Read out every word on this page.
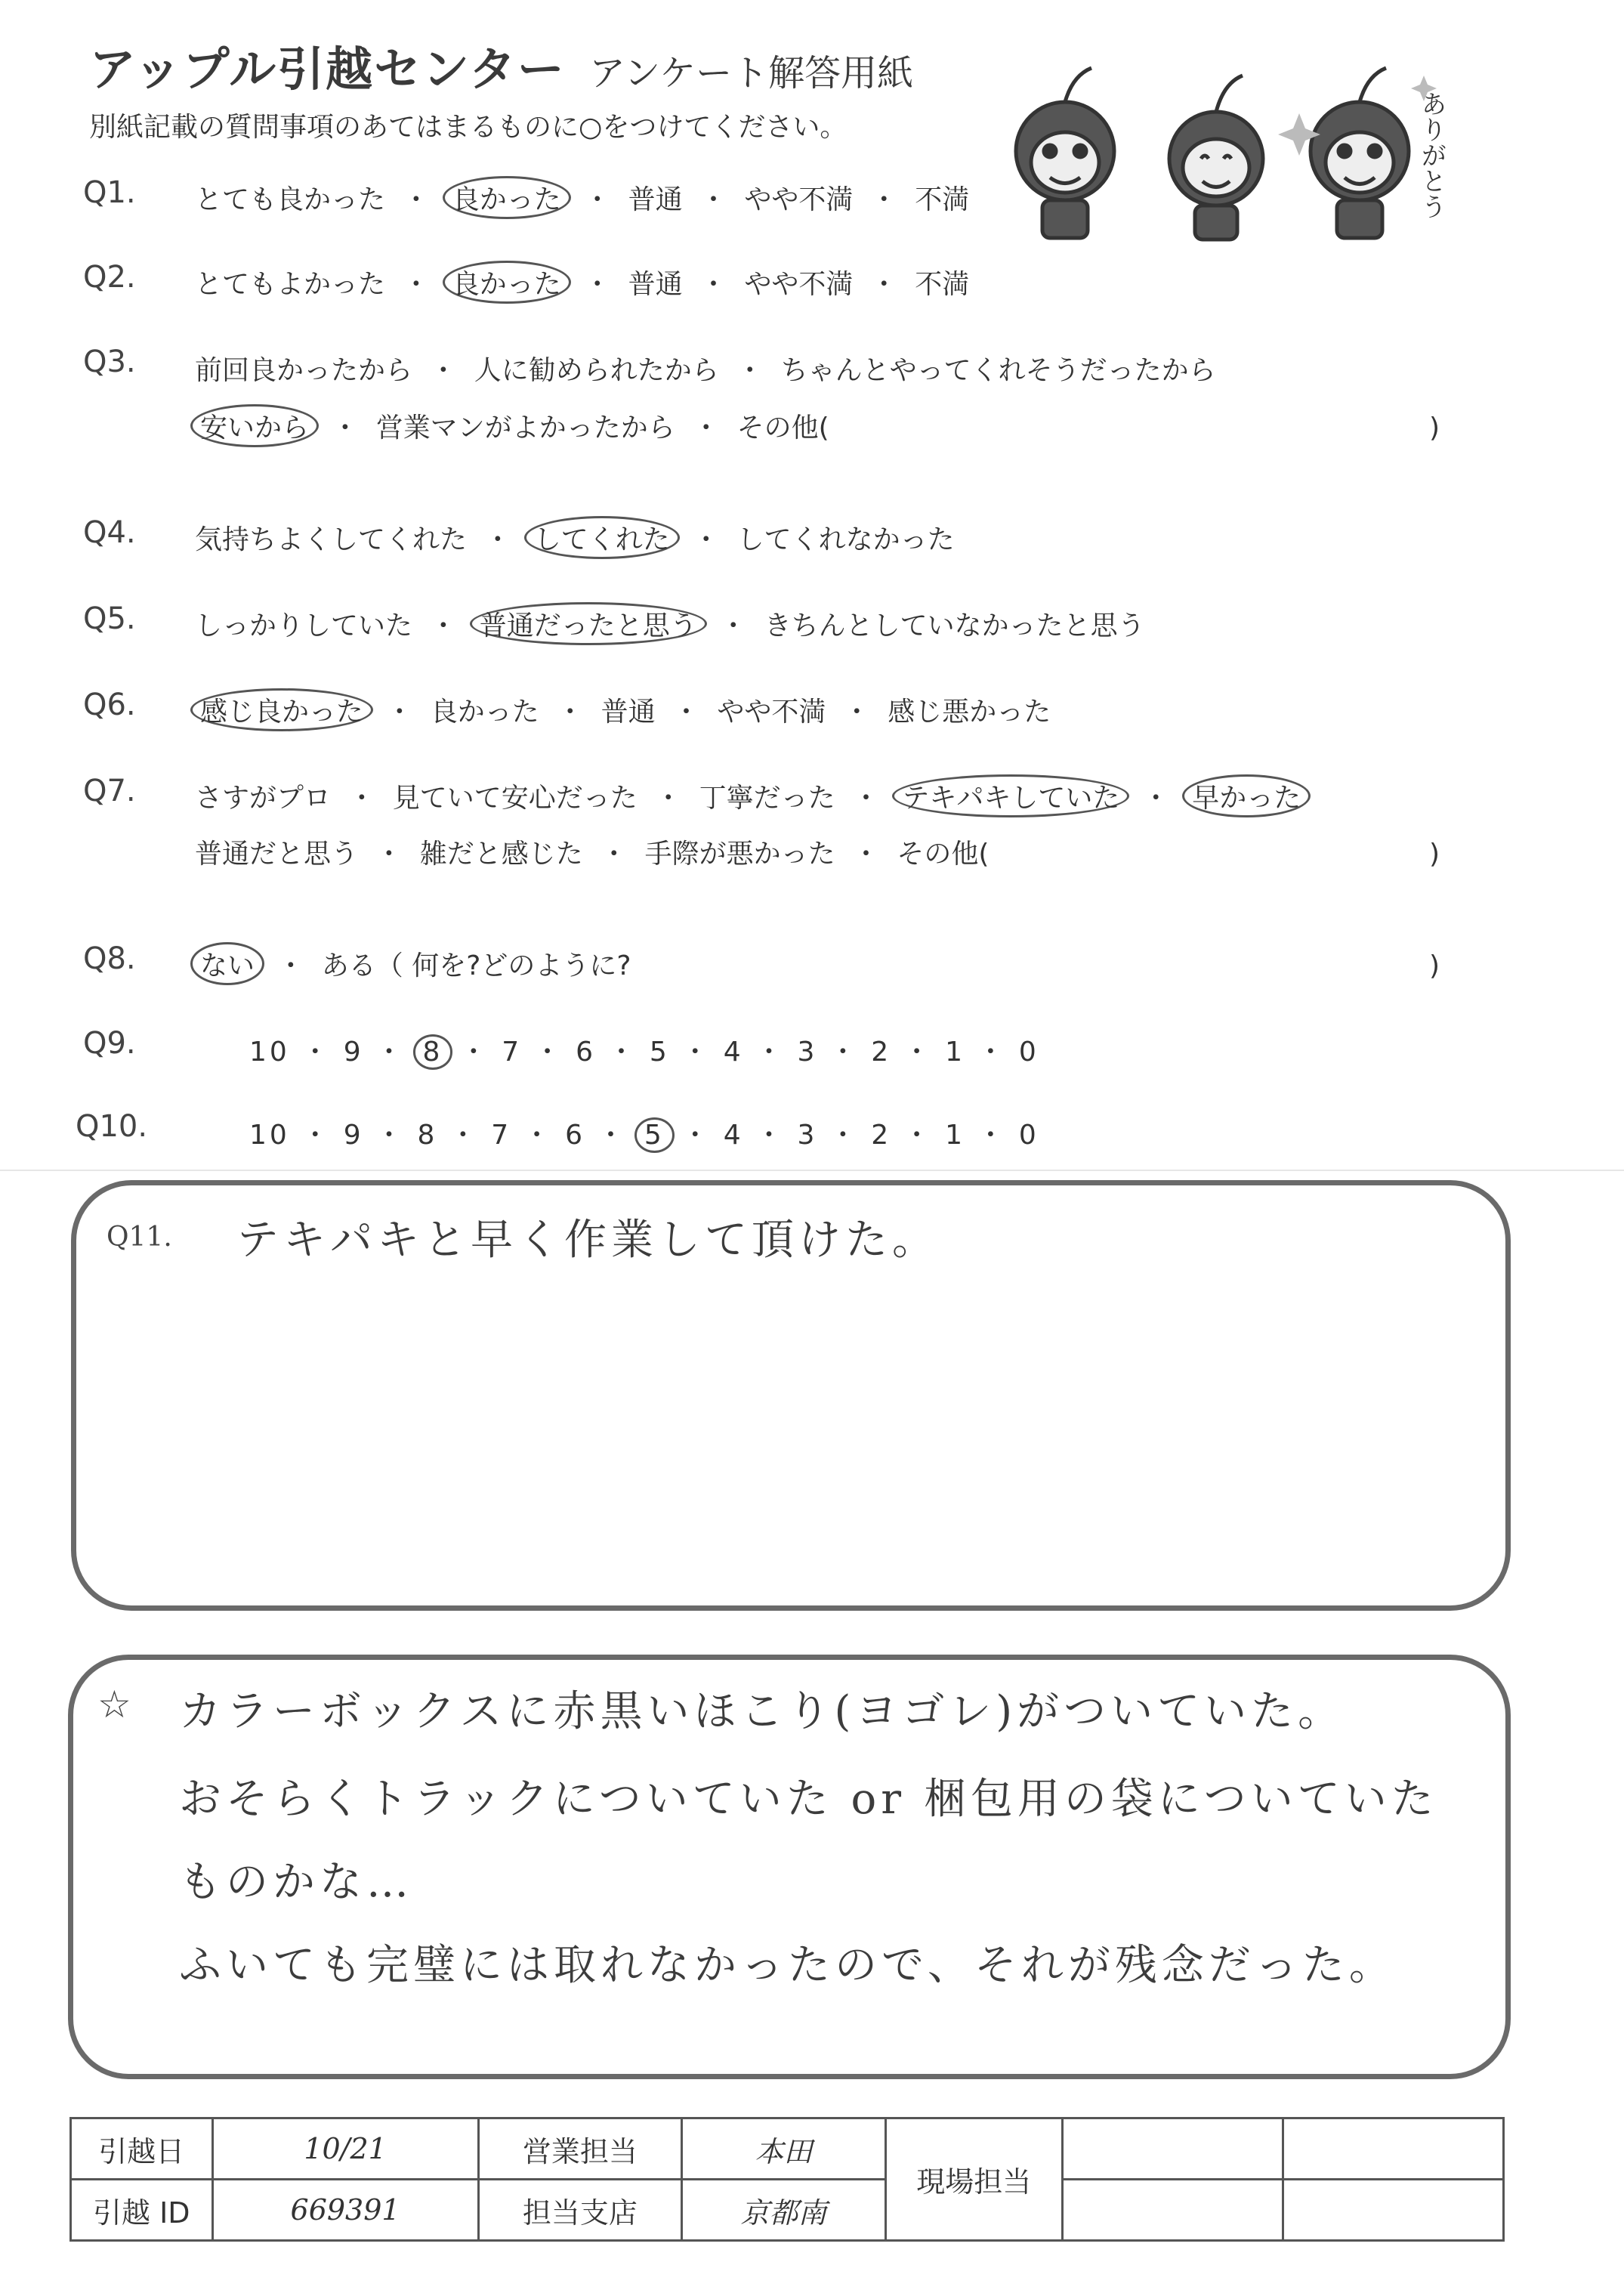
アップル引越センター アンケート解答用紙
別紙記載の質問事項のあてはまるものに○をつけてください。	ありがとう
Q1. とても良かった  ・  良かった  ・  普通  ・  やや不満  ・  不満
Q2. とてもよかった  ・  良かった  ・  普通  ・  やや不満  ・  不満
Q3. 前回良かったから  ・  人に勧められたから  ・  ちゃんとやってくれそうだったから
安いから  ・  営業マンがよかったから  ・  その他(	)
Q4. 気持ちよくしてくれた  ・  してくれた  ・  してくれなかった
Q5. しっかりしていた  ・  普通だったと思う  ・  きちんとしていなかったと思う
Q6. 感じ良かった  ・  良かった  ・  普通  ・  やや不満  ・  感じ悪かった
Q7. さすがプロ  ・  見ていて安心だった  ・  丁寧だった  ・  テキパキしていた  ・  早かった
普通だと思う  ・  雑だと感じた  ・  手際が悪かった  ・  その他(	)
Q8. ない  ・  ある（ 何を?どのように?	)
Q9.	10 ・ 9 ・ 8 ・ 7 ・ 6 ・ 5 ・ 4 ・ 3 ・ 2 ・ 1 ・ 0
Q10.	10 ・ 9 ・ 8 ・ 7 ・ 6 ・ 5 ・ 4 ・ 3 ・ 2 ・ 1 ・ 0
Q11. テキパキと早く作業して頂けた。
☆ カラーボックスに赤黒いほこり(ヨゴレ)がついていた。
おそらくトラックについていた or 梱包用の袋についていた
ものかな…
ふいても完璧には取れなかったので、それが残念だった。
引越日	10/21	営業担当	本田	現場担当		
引越 ID	669391	担当支店	京都南			
